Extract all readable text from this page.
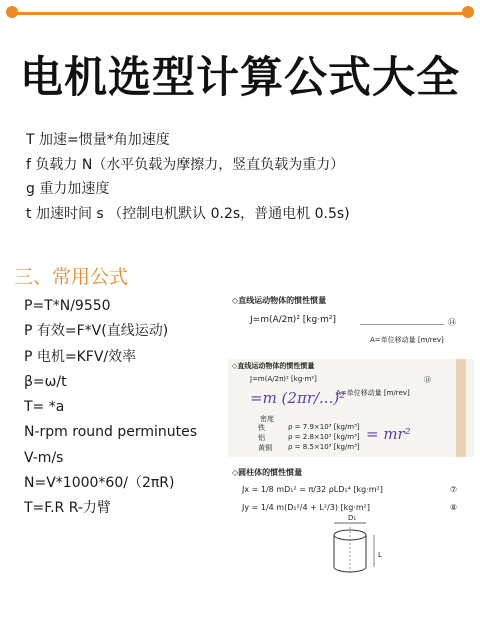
电机选型计算公式大全
T 加速=惯量*角加速度
f 负载力 N（水平负载为摩擦力，竖直负载为重力）
g 重力加速度
t 加速时间 s （控制电机默认 0.2s，普通电机 0.5s)
三、常用公式
P=T*N/9550
P 有效=F*V(直线运动)
P 电机=KFV/效率
β=ω/t
T= *a
N-rpm round perminutes
V-m/s
N=V*1000*60/（2πR)
T=F.R R-力臂
◇直线运动物体的惯性惯量
J=m(A/2π)² [kg·m²]	⑭
A=单位移动量 [m/rev]
◇直线运动物体的惯性惯量
J=m(A/2π)² [kg·m²]	⑭
A=单位移动量 [m/rev]
=m (2πr/...)²
密度
铁	ρ = 7.9×10³ [kg/m³]
铝	ρ = 2.8×10³ [kg/m³]
黄铜 ρ = 8.5×10³ [kg/m³]
= mr²
◇圆柱体的惯性惯量
Jx = 1/8 mD₁² = π/32 ρLD₁⁴ [kg·m²]	⑦
Jy = 1/4 m(D₁²/4 + L²/3) [kg·m²]	⑧
D₁
L
